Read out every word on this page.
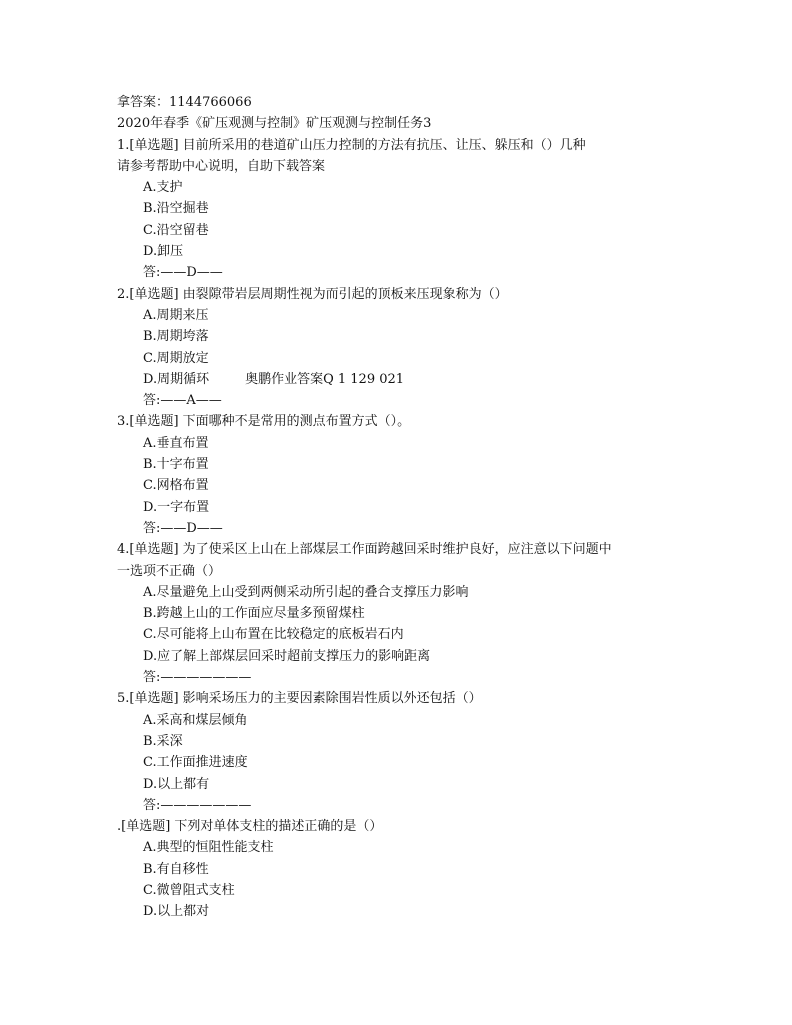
拿答案：1144766066
2020年春季《矿压观测与控制》矿压观测与控制任务3
1.[单选题] 目前所采用的巷道矿山压力控制的方法有抗压、让压、躲压和（）几种
请参考帮助中心说明，自助下载答案
A.支护
B.沿空掘巷
C.沿空留巷
D.卸压
答:——D——
2.[单选题] 由裂隙带岩层周期性视为而引起的顶板来压现象称为（）
A.周期来压
B.周期垮落
C.周期放定
D.周期循环	奥鹏作业答案Q 1 129 021
答:——A——
3.[单选题] 下面哪种不是常用的测点布置方式（）。
A.垂直布置
B.十字布置
C.网格布置
D.一字布置
答:——D——
4.[单选题] 为了使采区上山在上部煤层工作面跨越回采时维护良好，应注意以下问题中
一选项不正确（）
A.尽量避免上山受到两侧采动所引起的叠合支撑压力影响
B.跨越上山的工作面应尽量多预留煤柱
C.尽可能将上山布置在比较稳定的底板岩石内
D.应了解上部煤层回采时超前支撑压力的影响距离
答:———————
5.[单选题] 影响采场压力的主要因素除围岩性质以外还包括（）
A.采高和煤层倾角
B.采深
C.工作面推进速度
D.以上都有
答:———————
.[单选题] 下列对单体支柱的描述正确的是（）
A.典型的恒阻性能支柱
B.有自移性
C.微曾阻式支柱
D.以上都对
